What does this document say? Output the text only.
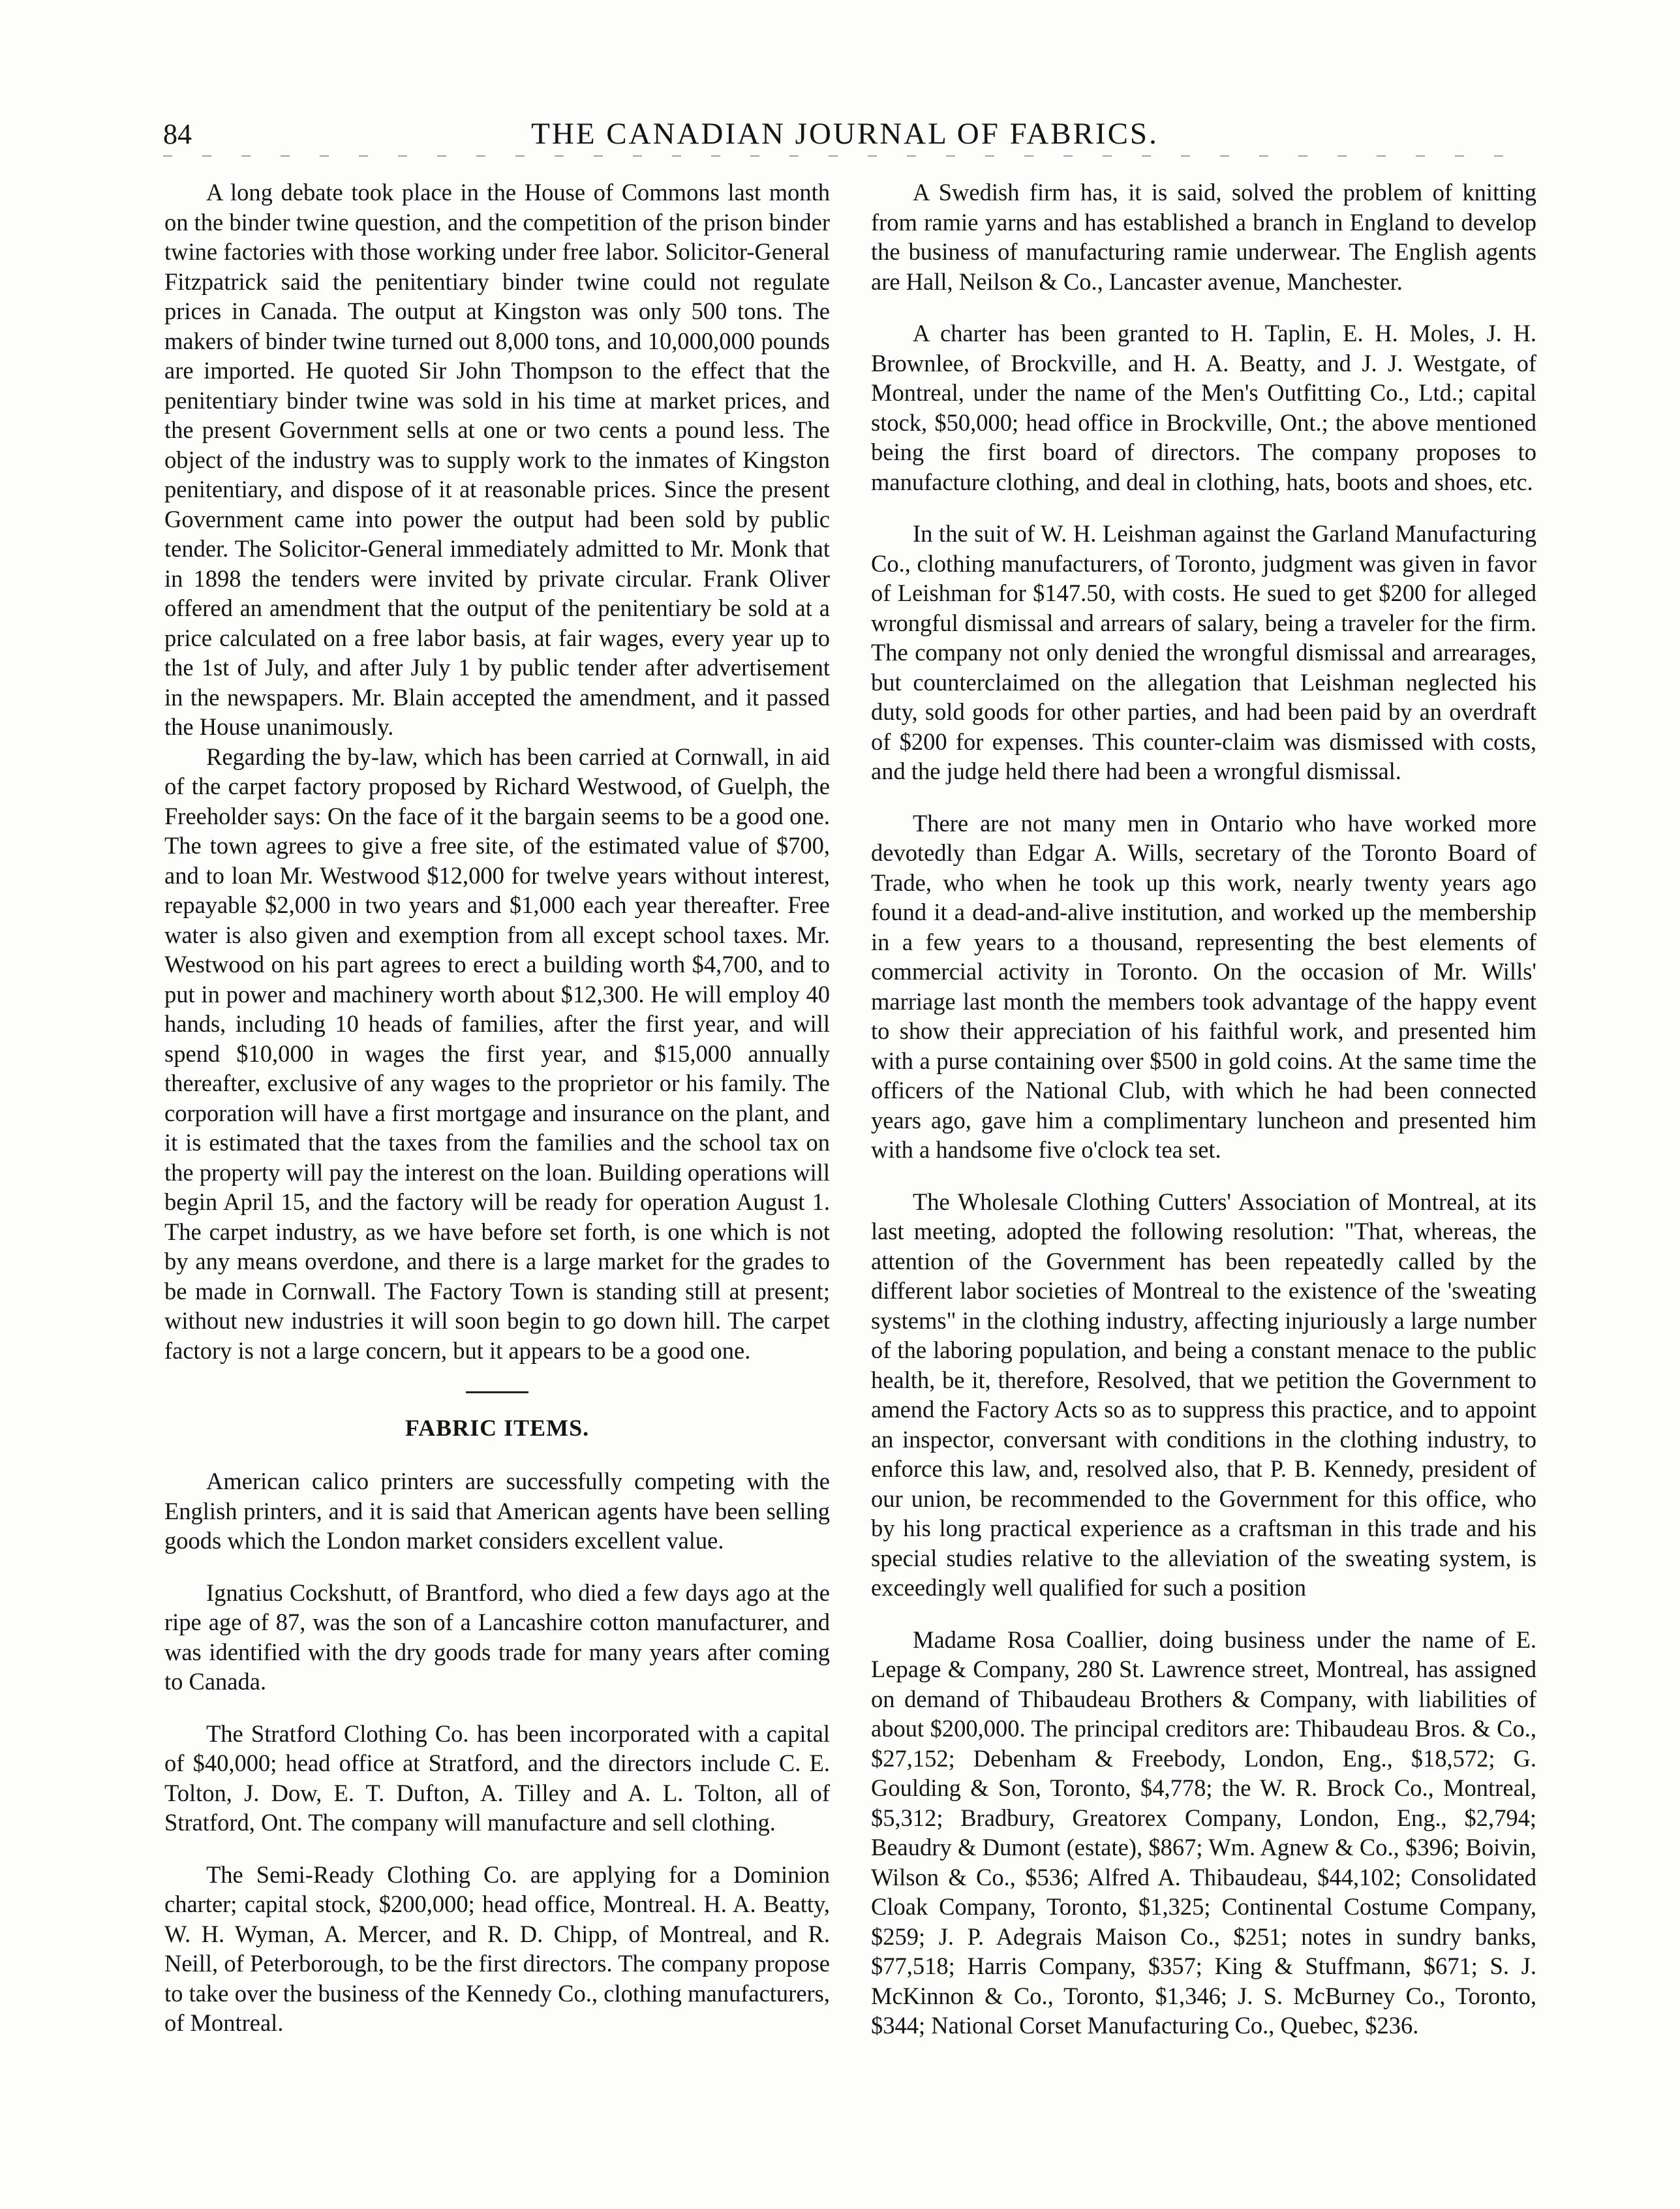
84	THE CANADIAN JOURNAL OF FABRICS.

A long debate took place in the House of Commons last month on the binder twine question, and the competition of the prison binder twine factories with those working under free labor. Solicitor-General Fitzpatrick said the penitentiary binder twine could not regulate prices in Canada. The output at Kingston was only 500 tons. The makers of binder twine turned out 8,000 tons, and 10,000,000 pounds are imported. He quoted Sir John Thompson to the effect that the penitentiary binder twine was sold in his time at market prices, and the present Government sells at one or two cents a pound less. The object of the industry was to supply work to the inmates of Kingston penitentiary, and dispose of it at reasonable prices. Since the present Government came into power the output had been sold by public tender. The Solicitor-General immediately admitted to Mr. Monk that in 1898 the tenders were invited by private circular. Frank Oliver offered an amendment that the output of the penitentiary be sold at a price calculated on a free labor basis, at fair wages, every year up to the 1st of July, and after July 1 by public tender after advertisement in the newspapers. Mr. Blain accepted the amendment, and it passed the House unanimously.

Regarding the by-law, which has been carried at Cornwall, in aid of the carpet factory proposed by Richard Westwood, of Guelph, the Freeholder says: On the face of it the bargain seems to be a good one. The town agrees to give a free site, of the estimated value of $700, and to loan Mr. Westwood $12,000 for twelve years without interest, repayable $2,000 in two years and $1,000 each year thereafter. Free water is also given and exemption from all except school taxes. Mr. Westwood on his part agrees to erect a building worth $4,700, and to put in power and machinery worth about $12,300. He will employ 40 hands, including 10 heads of families, after the first year, and will spend $10,000 in wages the first year, and $15,000 annually thereafter, exclusive of any wages to the proprietor or his family. The corporation will have a first mortgage and insurance on the plant, and it is estimated that the taxes from the families and the school tax on the property will pay the interest on the loan. Building operations will begin April 15, and the factory will be ready for operation August 1. The carpet industry, as we have before set forth, is one which is not by any means overdone, and there is a large market for the grades to be made in Cornwall. The Factory Town is standing still at present; without new industries it will soon begin to go down hill. The carpet factory is not a large concern, but it appears to be a good one.

FABRIC ITEMS.

American calico printers are successfully competing with the English printers, and it is said that American agents have been selling goods which the London market considers excellent value.

Ignatius Cockshutt, of Brantford, who died a few days ago at the ripe age of 87, was the son of a Lancashire cotton manufacturer, and was identified with the dry goods trade for many years after coming to Canada.

The Stratford Clothing Co. has been incorporated with a capital of $40,000; head office at Stratford, and the directors include C. E. Tolton, J. Dow, E. T. Dufton, A. Tilley and A. L. Tolton, all of Stratford, Ont. The company will manufacture and sell clothing.

The Semi-Ready Clothing Co. are applying for a Dominion charter; capital stock, $200,000; head office, Montreal. H. A. Beatty, W. H. Wyman, A. Mercer, and R. D. Chipp, of Montreal, and R. Neill, of Peterborough, to be the first directors. The company propose to take over the business of the Kennedy Co., clothing manufacturers, of Montreal.

A Swedish firm has, it is said, solved the problem of knitting from ramie yarns and has established a branch in England to develop the business of manufacturing ramie underwear. The English agents are Hall, Neilson & Co., Lancaster avenue, Manchester.

A charter has been granted to H. Taplin, E. H. Moles, J. H. Brownlee, of Brockville, and H. A. Beatty, and J. J. Westgate, of Montreal, under the name of the Men's Outfitting Co., Ltd.; capital stock, $50,000; head office in Brockville, Ont.; the above mentioned being the first board of directors. The company proposes to manufacture clothing, and deal in clothing, hats, boots and shoes, etc.

In the suit of W. H. Leishman against the Garland Manufacturing Co., clothing manufacturers, of Toronto, judgment was given in favor of Leishman for $147.50, with costs. He sued to get $200 for alleged wrongful dismissal and arrears of salary, being a traveler for the firm. The company not only denied the wrongful dismissal and arrearages, but counterclaimed on the allegation that Leishman neglected his duty, sold goods for other parties, and had been paid by an overdraft of $200 for expenses. This counter-claim was dismissed with costs, and the judge held there had been a wrongful dismissal.

There are not many men in Ontario who have worked more devotedly than Edgar A. Wills, secretary of the Toronto Board of Trade, who when he took up this work, nearly twenty years ago found it a dead-and-alive institution, and worked up the membership in a few years to a thousand, representing the best elements of commercial activity in Toronto. On the occasion of Mr. Wills' marriage last month the members took advantage of the happy event to show their appreciation of his faithful work, and presented him with a purse containing over $500 in gold coins. At the same time the officers of the National Club, with which he had been connected years ago, gave him a complimentary luncheon and presented him with a handsome five o'clock tea set.

The Wholesale Clothing Cutters' Association of Montreal, at its last meeting, adopted the following resolution: "That, whereas, the attention of the Government has been repeatedly called by the different labor societies of Montreal to the existence of the 'sweating systems" in the clothing industry, affecting injuriously a large number of the laboring population, and being a constant menace to the public health, be it, therefore, Resolved, that we petition the Government to amend the Factory Acts so as to suppress this practice, and to appoint an inspector, conversant with conditions in the clothing industry, to enforce this law, and, resolved also, that P. B. Kennedy, president of our union, be recommended to the Government for this office, who by his long practical experience as a craftsman in this trade and his special studies relative to the alleviation of the sweating system, is exceedingly well qualified for such a position

Madame Rosa Coallier, doing business under the name of E. Lepage & Company, 280 St. Lawrence street, Montreal, has assigned on demand of Thibaudeau Brothers & Company, with liabilities of about $200,000. The principal creditors are: Thibaudeau Bros. & Co., $27,152; Debenham & Freebody, London, Eng., $18,572; G. Goulding & Son, Toronto, $4,778; the W. R. Brock Co., Montreal, $5,312; Bradbury, Greatorex Company, London, Eng., $2,794; Beaudry & Dumont (estate), $867; Wm. Agnew & Co., $396; Boivin, Wilson & Co., $536; Alfred A. Thibaudeau, $44,102; Consolidated Cloak Company, Toronto, $1,325; Continental Costume Company, $259; J. P. Adegrais Maison Co., $251; notes in sundry banks, $77,518; Harris Company, $357; King & Stuffmann, $671; S. J. McKinnon & Co., Toronto, $1,346; J. S. McBurney Co., Toronto, $344; National Corset Manufacturing Co., Quebec, $236.
